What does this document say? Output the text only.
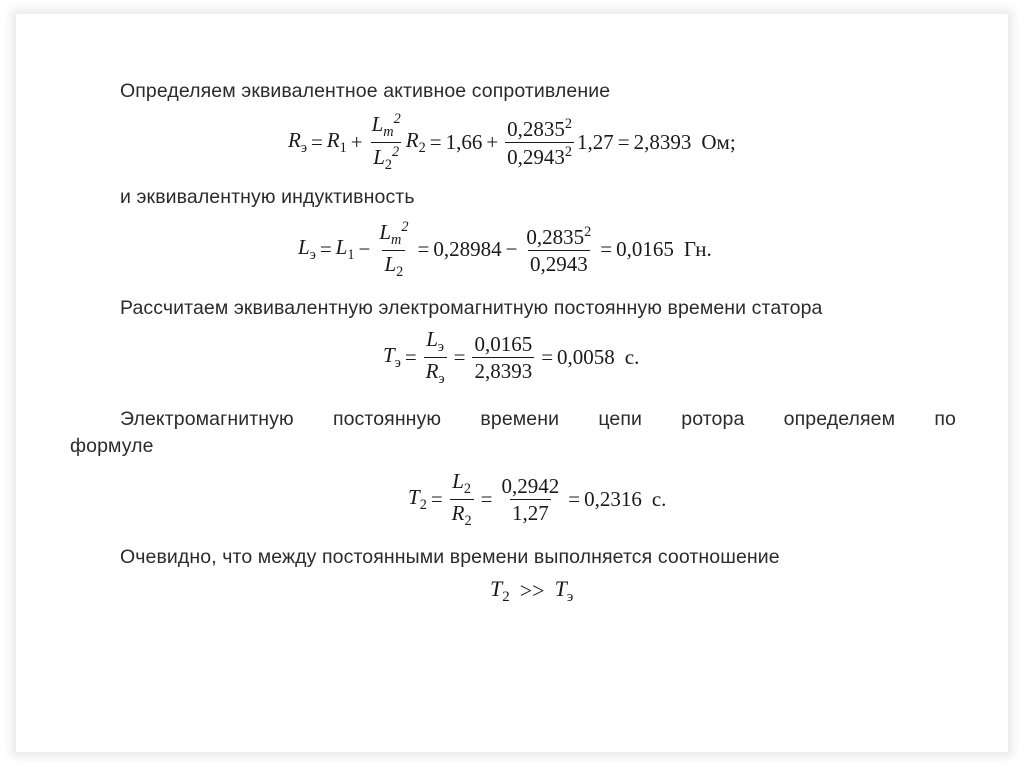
Определяем эквивалентное активное сопротивление
$R_э = R_1 + \frac{L_m^2}{L_2^2} R_2 = 1,66 + \frac{0,2835^2}{0,2943^2} 1,27 = 2,8393$ Ом;
и эквивалентную индуктивность
$L_э = L_1 - \frac{L_m^2}{L_2} = 0,28984 - \frac{0,2835^2}{0,2943} = 0,0165$ Гн.
Рассчитаем эквивалентную электромагнитную постоянную времени статора
$T_э = \frac{L_э}{R_э} = \frac{0,0165}{2,8393} = 0,0058$ с.
Электромагнитную постоянную времени цепи ротора определяем по
формуле
$T_2 = \frac{L_2}{R_2} = \frac{0,2942}{1,27} = 0,2316$ с.
Очевидно, что между постоянными времени выполняется соотношение
$T_2 >> T_э$
